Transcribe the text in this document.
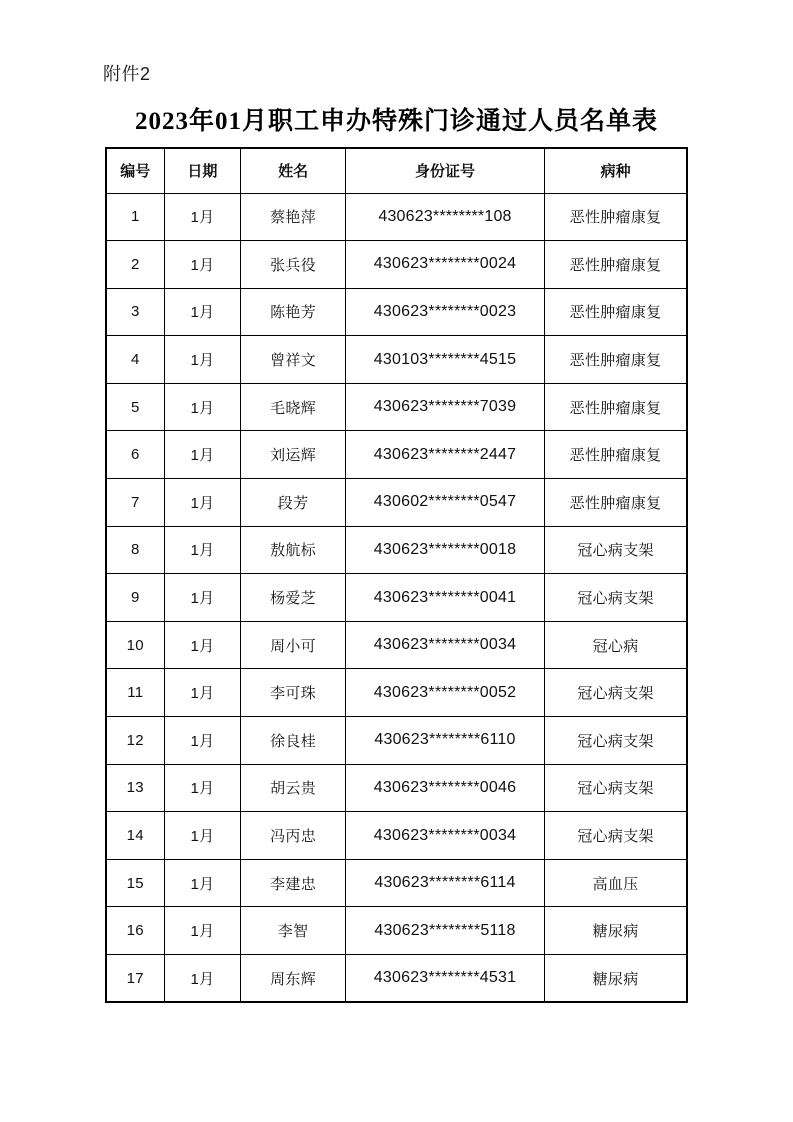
附件2
2023年01月职工申办特殊门诊通过人员名单表
编号	日期	姓名	身份证号	病种
1	1月	蔡艳萍	430623********108	恶性肿瘤康复
2	1月	张兵役	430623********0024	恶性肿瘤康复
3	1月	陈艳芳	430623********0023	恶性肿瘤康复
4	1月	曾祥文	430103********4515	恶性肿瘤康复
5	1月	毛晓辉	430623********7039	恶性肿瘤康复
6	1月	刘运辉	430623********2447	恶性肿瘤康复
7	1月	段芳	430602********0547	恶性肿瘤康复
8	1月	敖航标	430623********0018	冠心病支架
9	1月	杨爱芝	430623********0041	冠心病支架
10	1月	周小可	430623********0034	冠心病
11	1月	李可珠	430623********0052	冠心病支架
12	1月	徐良桂	430623********6110	冠心病支架
13	1月	胡云贵	430623********0046	冠心病支架
14	1月	冯丙忠	430623********0034	冠心病支架
15	1月	李建忠	430623********6114	高血压
16	1月	李智	430623********5118	糖尿病
17	1月	周东辉	430623********4531	糖尿病
